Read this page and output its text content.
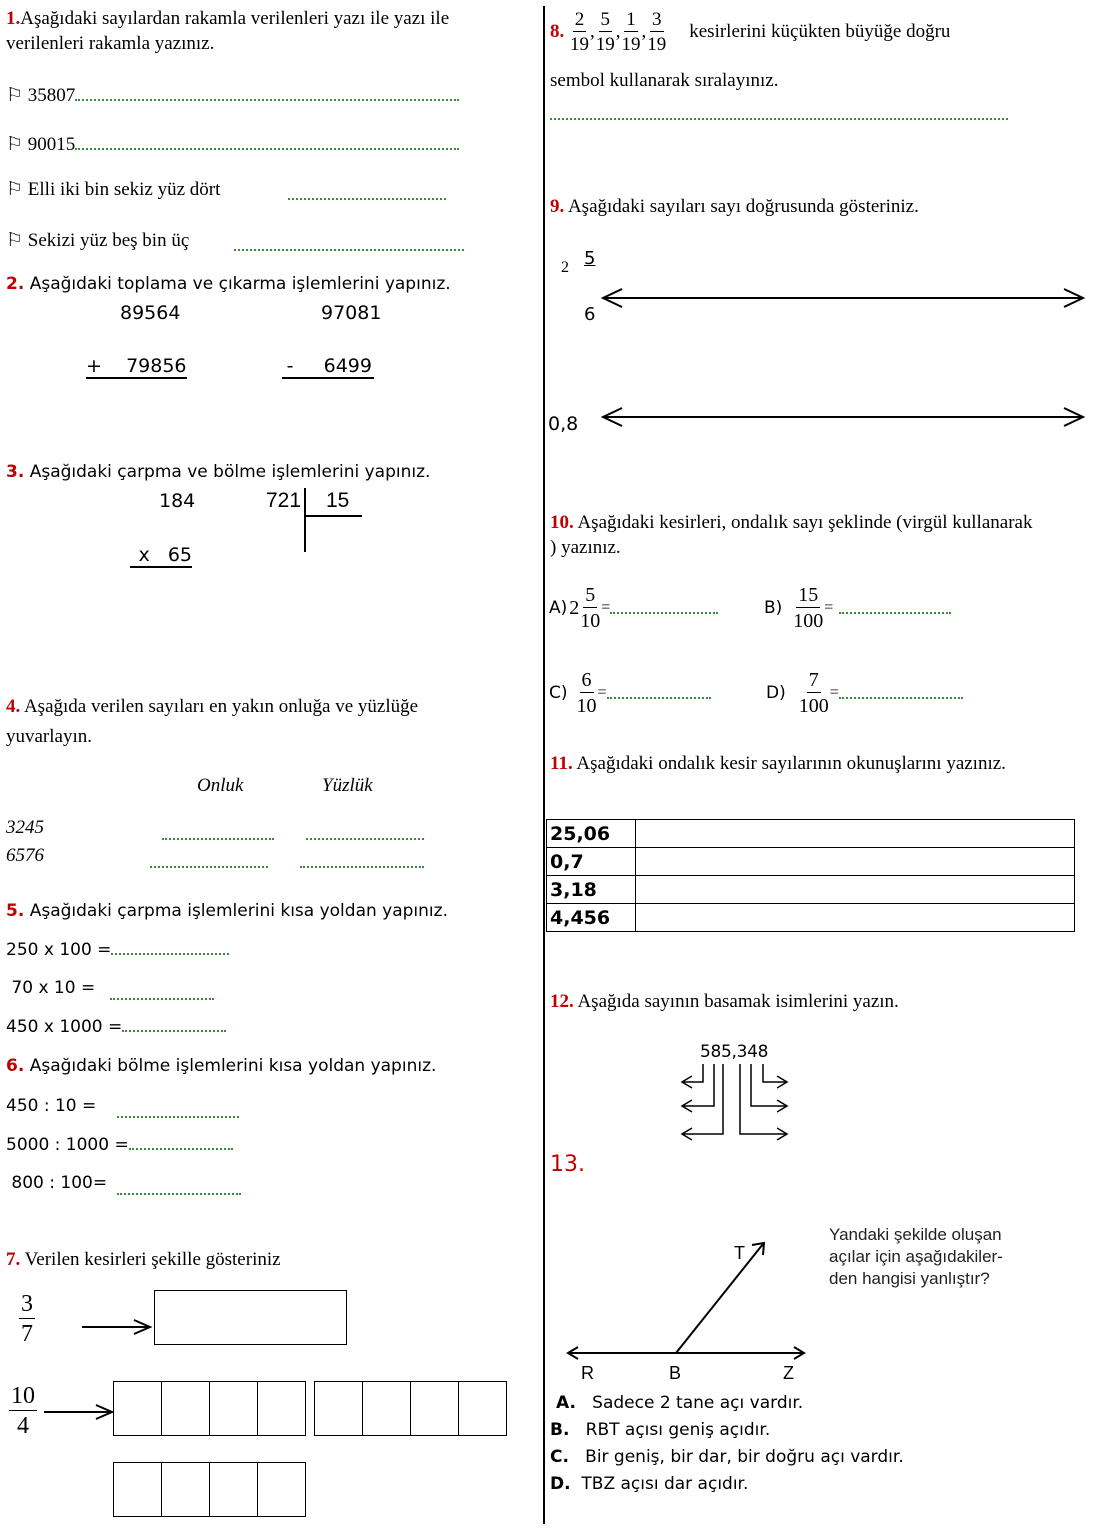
1.Aşağıdaki sayılardan rakamla verilenleri yazı ile yazı ile
verilenleri rakamla yazınız.
⚐ 35807
⚐ 90015
⚐ Elli iki bin sekiz yüz dört
⚐ Sekizi yüz beş bin üç
2. Aşağıdaki toplama ve çıkarma işlemlerini yapınız.
89564
+    79856
97081
-     6499
3. Aşağıdaki çarpma ve bölme işlemlerini yapınız.
184
x   65
721 15
4. Aşağıda verilen sayıları en yakın onluğa ve yüzlüğe
yuvarlayın.
Onluk	Yüzlük
3245
6576
5. Aşağıdaki çarpma işlemlerini kısa yoldan yapınız.
250 x 100 =
70 x 10 =
450 x 1000 =
6. Aşağıdaki bölme işlemlerini kısa yoldan yapınız.
450 : 10 =
5000 : 1000 =
800 : 100=
7. Verilen kesirleri şekille gösteriniz
$\frac{3}{7}$
$\frac{10}{4}$
8.
$\frac{2}{19}$ , $\frac{5}{19}$ , $\frac{1}{19}$ , $\frac{3}{19}$ kesirlerini küçükten büyüğe doğru
sembol kullanarak sıralayınız.
9. Aşağıdaki sayıları sayı doğrusunda gösteriniz.
2 5
6
0,8
10. Aşağıdaki kesirleri, ondalık sayı şeklinde (virgül kullanarak
) yazınız.
A) $2 \frac{5}{10}$ =	$B) \frac{15}{100}$ =
$C) \frac{6}{10}$ =	$D) \frac{7}{100}$ =
11. Aşağıdaki ondalık kesir sayılarının okunuşlarını yazınız.
25,06	
0,7	
3,18	
4,456	
12. Aşağıda sayının basamak isimlerini yazın.
585,348
13.
T
R	B	Z
Yandaki şekilde oluşan
açılar için aşağıdakiler-
den hangisi yanlıştır?
A. Sadece 2 tane açı vardır.
B. RBT açısı geniş açıdır.
C. Bir geniş, bir dar, bir doğru açı vardır.
D. TBZ açısı dar açıdır.
